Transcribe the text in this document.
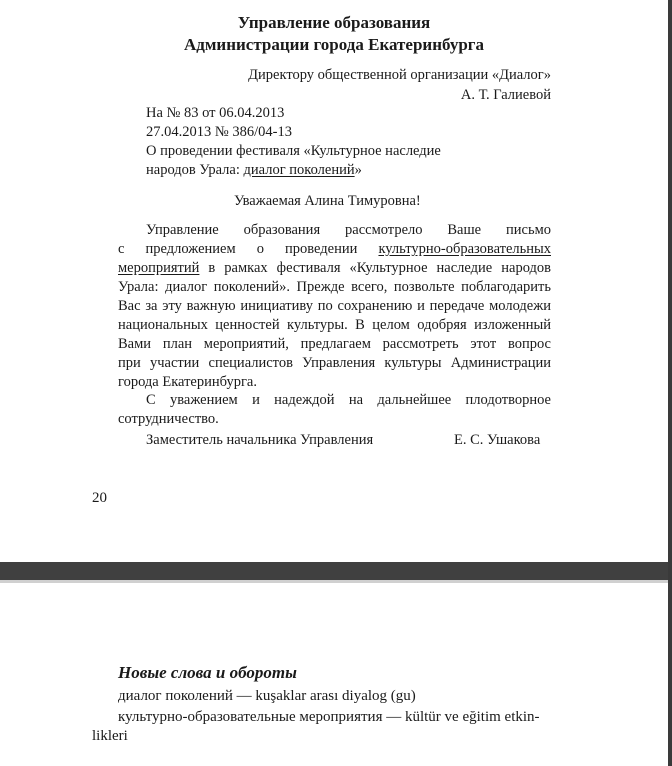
Управление образования
Администрации города Екатеринбурга
Директору общественной организации «Диалог»
А. Т. Галиевой
На № 83 от 06.04.2013
27.04.2013 № 386/04-13
О проведении фестиваля «Культурное наследие
народов Урала: диалог поколений»
Уважаемая Алина Тимуровна!
Управление образования рассмотрело Ваше письмо
с предложением о проведении культурно-образовательных
мероприятий в рамках фестиваля «Культурное наследие народов
Урала: диалог поколений». Прежде всего, позвольте поблагодарить
Вас за эту важную инициативу по сохранению и передаче молодежи
национальных ценностей культуры. В целом одобряя изложенный
Вами план мероприятий, предлагаем рассмотреть этот вопрос
при участии специалистов Управления культуры Администрации
города Екатеринбурга.
С уважением и надеждой на дальнейшее плодотворное
сотрудничество.
Заместитель начальника Управления	Е. С. Ушакова
20
Новые слова и обороты
диалог поколений — kuşaklar arası diyalog (gu)
культурно-образовательные мероприятия — kültür ve eğitim etkin-
likleri
